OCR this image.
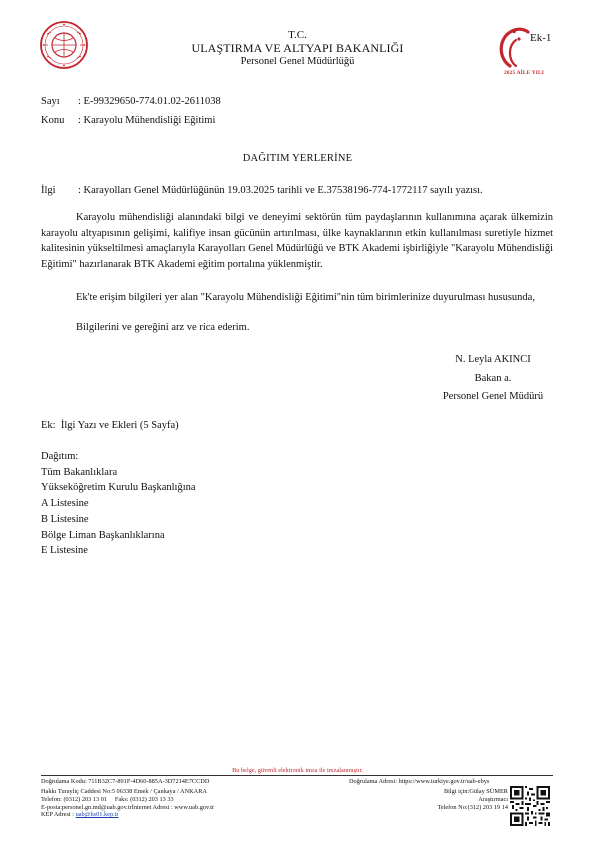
T.C.
ULAŞTIRMA VE ALTYAPI BAKANLIĞI
Personel Genel Müdürlüğü
Ek-1
2025 AİLE YILI
Sayı : E-99329650-774.01.02-2611038
Konu : Karayolu Mühendisliği Eğitimi
DAĞITIM YERLERİNE
İlgi : Karayolları Genel Müdürlüğünün 19.03.2025 tarihli ve E.37538196-774-1772117 sayılı yazısı.
Karayolu mühendisliği alanındaki bilgi ve deneyimi sektörün tüm paydaşlarının kullanımına açarak ülkemizin karayolu altyapısının gelişimi, kalifiye insan gücünün artırılması, ülke kaynaklarının etkin kullanılması suretiyle hizmet kalitesinin yükseltilmesi amaçlarıyla Karayolları Genel Müdürlüğü ve BTK Akademi işbirliğiyle "Karayolu Mühendisliği Eğitimi" hazırlanarak BTK Akademi eğitim portalına yüklenmiştir.
Ek'te erişim bilgileri yer alan "Karayolu Mühendisliği Eğitimi"nin tüm birimlerinize duyurulması hususunda,
Bilgilerini ve gereğini arz ve rica ederim.
N. Leyla AKINCI
Bakan a.
Personel Genel Müdürü
Ek: İlgi Yazı ve Ekleri (5 Sayfa)
Dağıtım:
Tüm Bakanlıklara
Yükseköğretim Kurulu Başkanlığına
A Listesine
B Listesine
Bölge Liman Başkanlıklarına
E Listesine
Bu belge, güvenli elektronik imza ile imzalanmıştır.
Doğrulama Kodu: 711B32C7-891F-4D60-885A-3D7214E7CCDD	Doğrulama Adresi: https://www.turkiye.gov.tr/uab-ebys
Hakkı Turayliç Caddesi No:5 06338 Emek / Çankaya / ANKARA
Telefon: (0312) 203 13 01     Faks: (0312) 203 13 33
E-posta:personel.gn.md@uab.gov.trİnternet Adresi : www.uab.gov.tr
KEP Adresi : uab@hs01.kep.tr
Bilgi için:Gülay SÜMER
Araştırmacı
Telefon No:(312) 203 19 14
